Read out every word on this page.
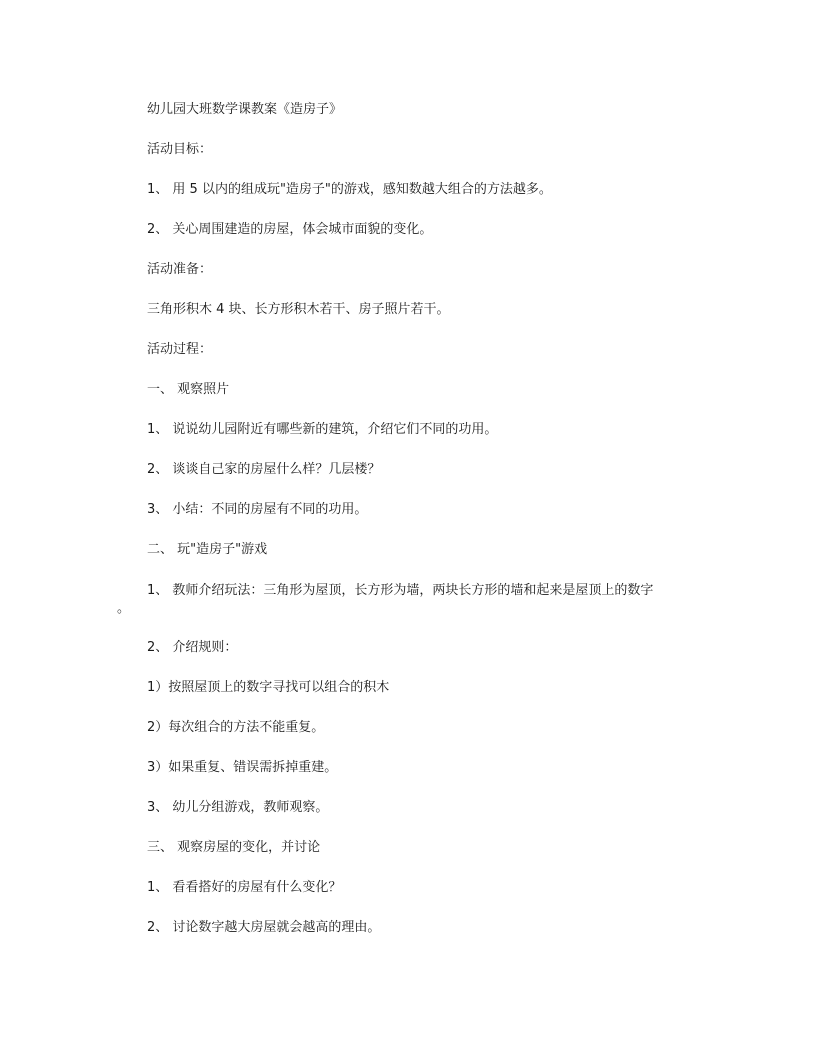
幼儿园大班数学课教案《造房子》
活动目标：
1、 用 5 以内的组成玩"造房子"的游戏，感知数越大组合的方法越多。
2、 关心周围建造的房屋，体会城市面貌的变化。
活动准备：
三角形积木 4 块、长方形积木若干、房子照片若干。
活动过程：
一、 观察照片
1、 说说幼儿园附近有哪些新的建筑，介绍它们不同的功用。
2、 谈谈自己家的房屋什么样？几层楼？
3、 小结：不同的房屋有不同的功用。
二、 玩"造房子"游戏
1、 教师介绍玩法：三角形为屋顶，长方形为墙，两块长方形的墙和起来是屋顶上的数字
。
2、 介绍规则：
1）按照屋顶上的数字寻找可以组合的积木
2）每次组合的方法不能重复。
3）如果重复、错误需拆掉重建。
3、 幼儿分组游戏，教师观察。
三、 观察房屋的变化，并讨论
1、 看看搭好的房屋有什么变化？
2、 讨论数字越大房屋就会越高的理由。
